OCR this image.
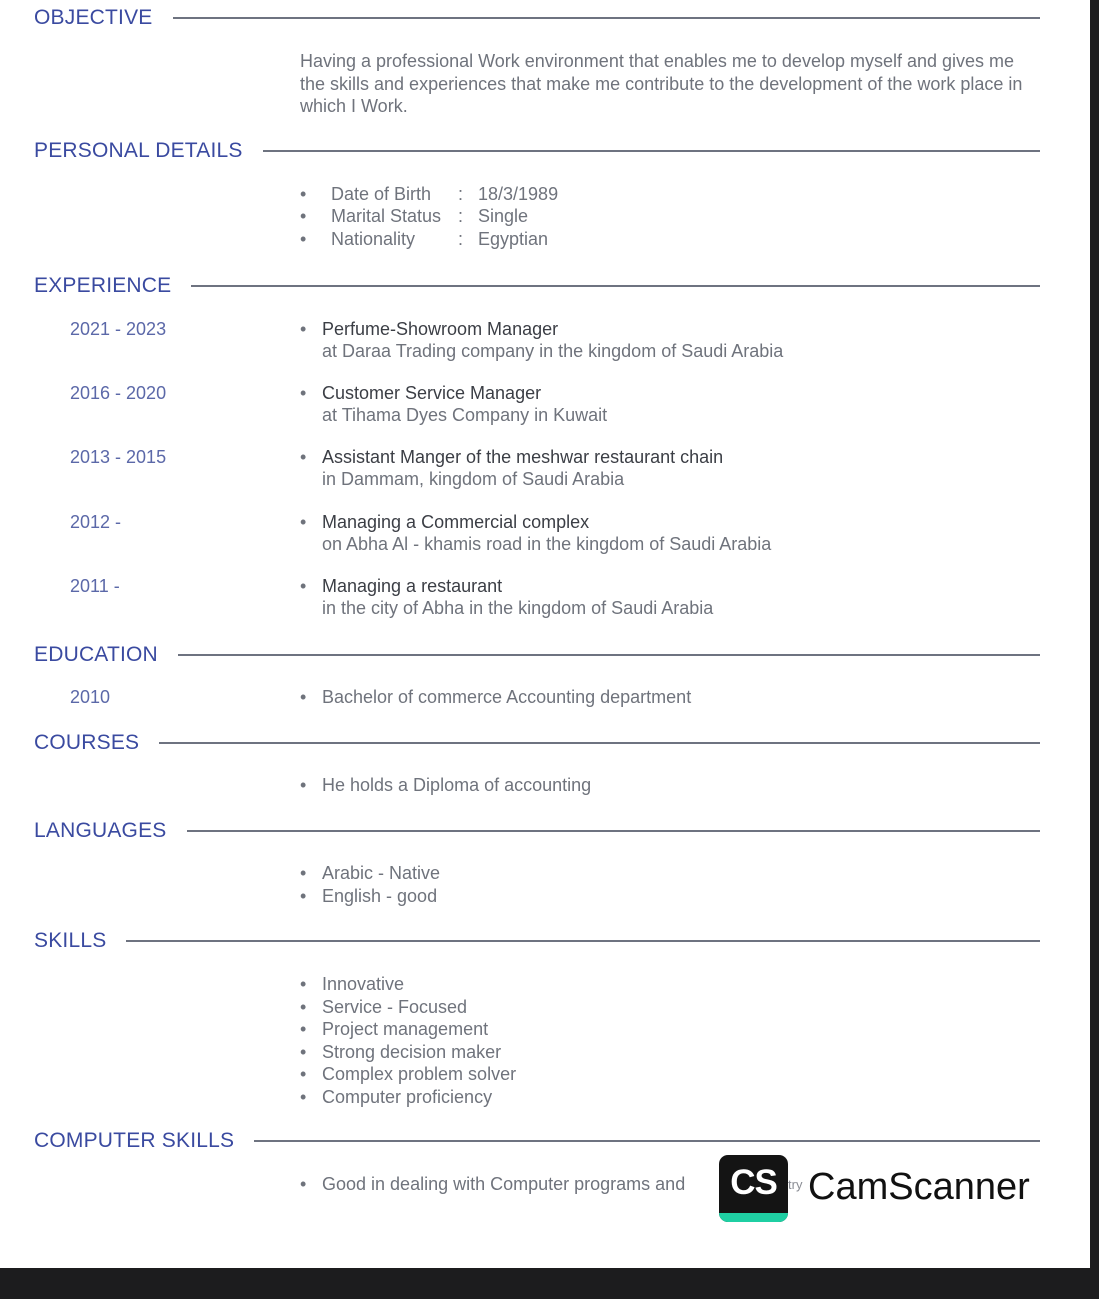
OBJECTIVE
Having a professional Work environment that enables me to develop myself and gives me the skills and experiences that make me contribute to the development of the work place in which I Work.
PERSONAL DETAILS
• Date of Birth : 18/3/1989
• Marital Status : Single
• Nationality : Egyptian
EXPERIENCE
2021 - 2023	• Perfume-Showroom Manager
at Daraa Trading company in the kingdom of Saudi Arabia
2016 - 2020	• Customer Service Manager
at Tihama Dyes Company in Kuwait
2013 - 2015	• Assistant Manger of the meshwar restaurant chain
in Dammam, kingdom of Saudi Arabia
2012 -	• Managing a Commercial complex
on Abha Al - khamis road in the kingdom of Saudi Arabia
2011 -	• Managing a restaurant
in the city of Abha in the kingdom of Saudi Arabia
EDUCATION
2010	• Bachelor of commerce Accounting department
COURSES
• He holds a Diploma of accounting
LANGUAGES
• Arabic - Native
• English - good
SKILLS
• Innovative
• Service - Focused
• Project management
• Strong decision maker
• Complex problem solver
• Computer proficiency
COMPUTER SKILLS
• Good in dealing with Computer programs and	try
CS CamScanner
